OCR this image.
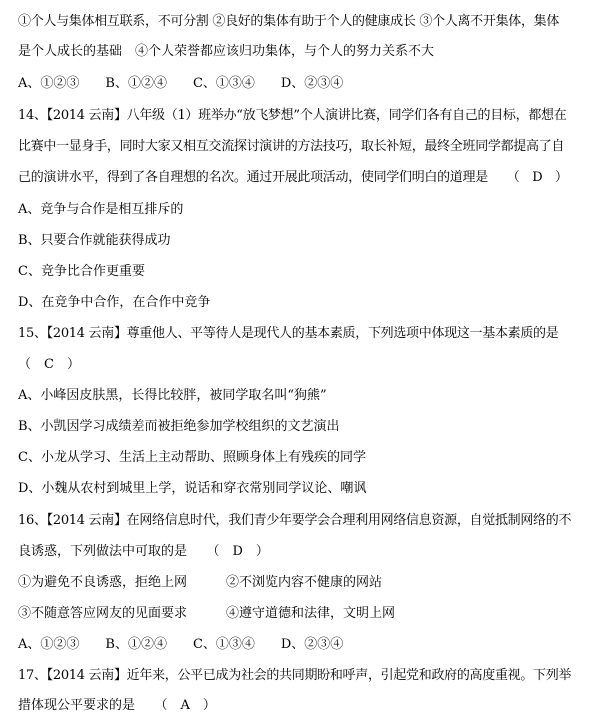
①个人与集体相互联系，不可分割 ②良好的集体有助于个人的健康成长 ③个人离不开集体，集体
是个人成长的基础　④个人荣誉都应该归功集体，与个人的努力关系不大
A、①②③　　B、①②④　　C、①③④　　D、②③④
14、【2014 云南】八年级（1）班举办“放飞梦想”个人演讲比赛，同学们各有自己的目标，都想在
比赛中一显身手，同时大家又相互交流探讨演讲的方法技巧，取长补短，最终全班同学都提高了自
己的演讲水平，得到了各自理想的名次。通过开展此项活动，使同学们明白的道理是　　（　D　）
A、竞争与合作是相互排斥的
B、只要合作就能获得成功
C、竞争比合作更重要
D、在竞争中合作，在合作中竞争
15、【2014 云南】尊重他人、平等待人是现代人的基本素质，下列选项中体现这一基本素质的是
（　C　）
A、小峰因皮肤黑，长得比较胖，被同学取名叫“狗熊”
B、小凯因学习成绩差而被拒绝参加学校组织的文艺演出
C、小龙从学习、生活上主动帮助、照顾身体上有残疾的同学
D、小魏从农村到城里上学，说话和穿衣常别同学议论、嘲讽
16、【2014 云南】在网络信息时代，我们青少年要学会合理利用网络信息资源，自觉抵制网络的不
良诱惑，下列做法中可取的是　　（　D　）
①为避免不良诱惑，拒绝上网　　　②不浏览内容不健康的网站
③不随意答应网友的见面要求　　　④遵守道德和法律，文明上网
A、①②③　　B、①②④　　C、①③④　　D、②③④
17、【2014 云南】近年来，公平已成为社会的共同期盼和呼声，引起党和政府的高度重视。下列举
措体现公平要求的是　　（　A　）
